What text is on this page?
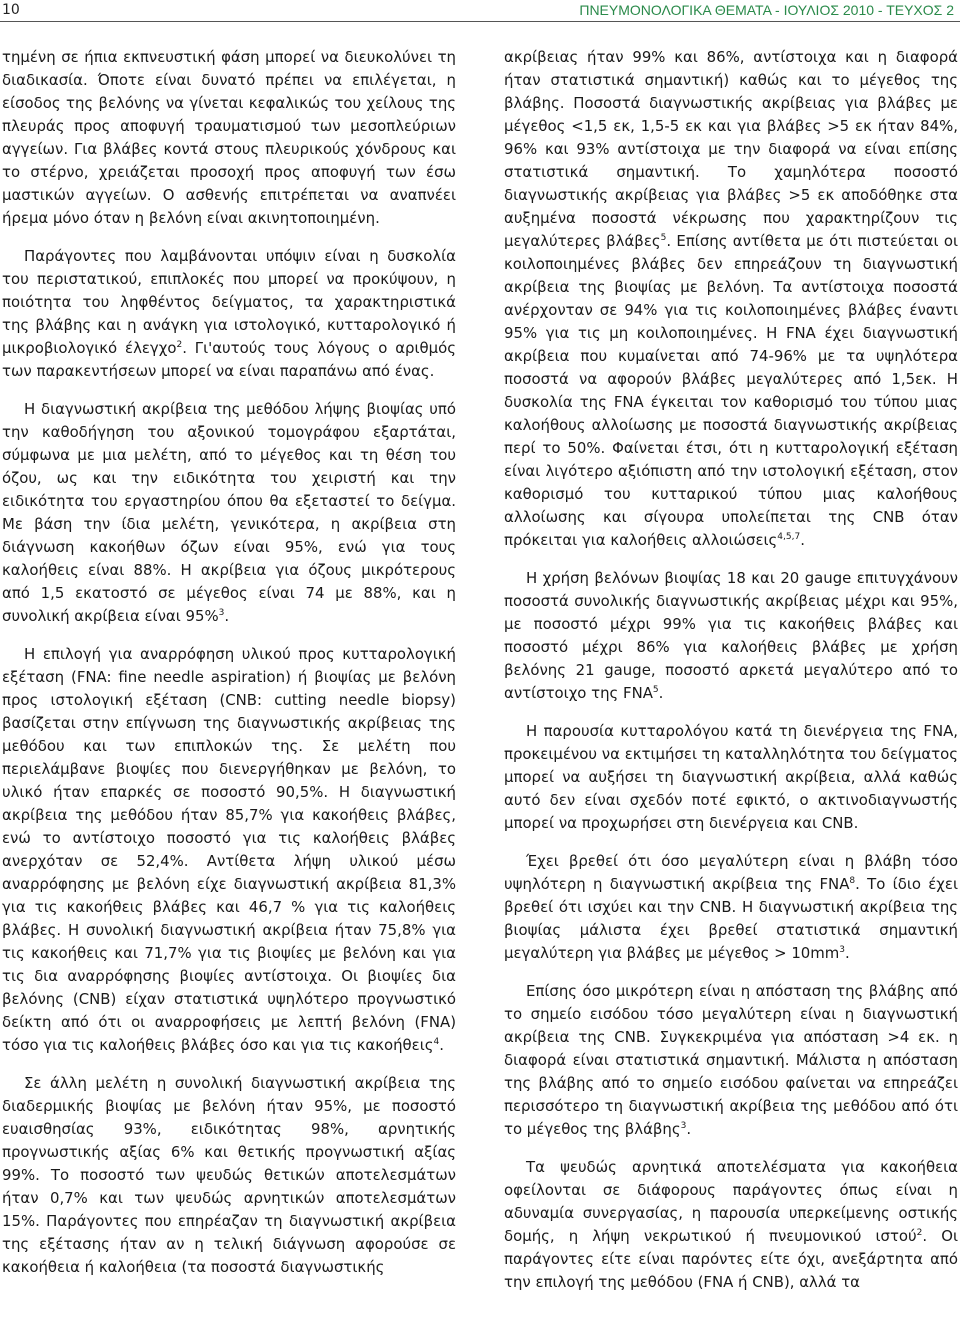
10	ΠΝΕΥΜΟΝΟΛΟΓΙΚΑ ΘΕΜΑΤΑ - ΙΟΥΛΙΟΣ 2010 - ΤΕΥΧΟΣ 2

τημένη σε ήπια εκπνευστική φάση μπορεί να διευκολύνει τη διαδικασία. Όποτε είναι δυνατό πρέπει να επιλέγεται, η είσοδος της βελόνης να γίνεται κεφαλικώς του χείλους της πλευράς προς αποφυγή τραυματισμού των μεσοπλεύριων αγγείων. Για βλάβες κοντά στους πλευρικούς χόνδρους και το στέρνο, χρειάζεται προσοχή προς αποφυγή των έσω μαστικών αγγείων. Ο ασθενής επιτρέπεται να αναπνέει ήρεμα μόνο όταν η βελόνη είναι ακινητοποιημένη.

Παράγοντες που λαμβάνονται υπόψιν είναι η δυσκολία του περιστατικού, επιπλοκές που μπορεί να προκύψουν, η ποιότητα του ληφθέντος δείγματος, τα χαρακτηριστικά της βλάβης και η ανάγκη για ιστολογικό, κυτταρολογικό ή μικροβιολογικό έλεγχο$^2$. Γι'αυτούς τους λόγους ο αριθμός των παρακεντήσεων μπορεί να είναι παραπάνω από ένας.

Η διαγνωστική ακρίβεια της μεθόδου λήψης βιοψίας υπό την καθοδήγηση του αξονικού τομογράφου εξαρτάται, σύμφωνα με μια μελέτη, από το μέγεθος και τη θέση του όζου, ως και την ειδικότητα του χειριστή και την ειδικότητα του εργαστηρίου όπου θα εξεταστεί το δείγμα. Με βάση την ίδια μελέτη, γενικότερα, η ακρίβεια στη διάγνωση κακοήθων όζων είναι 95%, ενώ για τους καλοήθεις είναι 88%. Η ακρίβεια για όζους μικρότερους από 1,5 εκατοστό σε μέγεθος είναι 74 με 88%, και η συνολική ακρίβεια είναι 95%$^3$.

Η επιλογή για αναρρόφηση υλικού προς κυτταρολογική εξέταση (FNA: fine needle aspiration) ή βιοψίας με βελόνη προς ιστολογική εξέταση (CNB: cutting needle biopsy) βασίζεται στην επίγνωση της διαγνωστικής ακρίβειας της μεθόδου και των επιπλοκών της. Σε μελέτη που περιελάμβανε βιοψίες που διενεργήθηκαν με βελόνη, το υλικό ήταν επαρκές σε ποσοστό 90,5%. Η διαγνωστική ακρίβεια της μεθόδου ήταν 85,7% για κακοήθεις βλάβες, ενώ το αντίστοιχο ποσοστό για τις καλοήθεις βλάβες ανερχόταν σε 52,4%. Αντίθετα λήψη υλικού μέσω αναρρόφησης με βελόνη είχε διαγνωστική ακρίβεια 81,3% για τις κακοήθεις βλάβες και 46,7 % για τις καλοήθεις βλάβες. Η συνολική διαγνωστική ακρίβεια ήταν 75,8% για τις κακοήθεις και 71,7% για τις βιοψίες με βελόνη και για τις δια αναρρόφησης βιοψίες αντίστοιχα. Οι βιοψίες δια βελόνης (CNB) είχαν στατιστικά υψηλότερο προγνωστικό δείκτη από ότι οι αναρροφήσεις με λεπτή βελόνη (FNA) τόσο για τις καλοήθεις βλάβες όσο και για τις κακοήθεις$^4$.

Σε άλλη μελέτη η συνολική διαγνωστική ακρίβεια της διαδερμικής βιοψίας με βελόνη ήταν 95%, με ποσοστό ευαισθησίας 93%, ειδικότητας 98%, αρνητικής προγνωστικής αξίας 6% και θετικής προγνωστική αξίας 99%. Το ποσοστό των ψευδώς θετικών αποτελεσμάτων ήταν 0,7% και των ψευδώς αρνητικών αποτελεσμάτων 15%. Παράγοντες που επηρέαζαν τη διαγνωστική ακρίβεια της εξέτασης ήταν αν η τελική διάγνωση αφορούσε σε κακοήθεια ή καλοήθεια (τα ποσοστά διαγνωστικής

ακρίβειας ήταν 99% και 86%, αντίστοιχα και η διαφορά ήταν στατιστικά σημαντική) καθώς και το μέγεθος της βλάβης. Ποσοστά διαγνωστικής ακρίβειας για βλάβες με μέγεθος <1,5 εκ, 1,5-5 εκ και για βλάβες >5 εκ ήταν 84%, 96% και 93% αντίστοιχα με την διαφορά να είναι επίσης στατιστικά σημαντική. Το χαμηλότερα ποσοστό διαγνωστικής ακρίβειας για βλάβες >5 εκ αποδόθηκε στα αυξημένα ποσοστά νέκρωσης που χαρακτηρίζουν τις μεγαλύτερες βλάβες$^5$. Επίσης αντίθετα με ότι πιστεύεται οι κοιλοποιημένες βλάβες δεν επηρεάζουν τη διαγνωστική ακρίβεια της βιοψίας με βελόνη. Τα αντίστοιχα ποσοστά ανέρχονταν σε 94% για τις κοιλοποιημένες βλάβες έναντι 95% για τις μη κοιλοποιημένες. Η FNA έχει διαγνωστική ακρίβεια που κυμαίνεται από 74-96% με τα υψηλότερα ποσοστά να αφορούν βλάβες μεγαλύτερες από 1,5εκ. Η δυσκολία της FNA έγκειται τον καθορισμό του τύπου μιας καλοήθους αλλοίωσης με ποσοστά διαγνωστικής ακρίβειας περί το 50%. Φαίνεται έτσι, ότι η κυτταρολογική εξέταση είναι λιγότερο αξιόπιστη από την ιστολογική εξέταση, στον καθορισμό του κυτταρικού τύπου μιας καλοήθους αλλοίωσης και σίγουρα υπολείπεται της CNB όταν πρόκειται για καλοήθεις αλλοιώσεις$^{4,5,7}$.

Η χρήση βελόνων βιοψίας 18 και 20 gauge επιτυγχάνουν ποσοστά συνολικής διαγνωστικής ακρίβειας μέχρι και 95%, με ποσοστό μέχρι 99% για τις κακοήθεις βλάβες και ποσοστό μέχρι 86% για καλοήθεις βλάβες με χρήση βελόνης 21 gauge, ποσοστό αρκετά μεγαλύτερο από το αντίστοιχο της FNA$^5$.

Η παρουσία κυτταρολόγου κατά τη διενέργεια της FNA, προκειμένου να εκτιμήσει τη καταλληλότητα του δείγματος μπορεί να αυξήσει τη διαγνωστική ακρίβεια, αλλά καθώς αυτό δεν είναι σχεδόν ποτέ εφικτό, ο ακτινοδιαγνωστής μπορεί να προχωρήσει στη διενέργεια και CNB.

Έχει βρεθεί ότι όσο μεγαλύτερη είναι η βλάβη τόσο υψηλότερη η διαγνωστική ακρίβεια της FNA$^8$. Το ίδιο έχει βρεθεί ότι ισχύει και την CNB. Η διαγνωστική ακρίβεια της βιοψίας μάλιστα έχει βρεθεί στατιστικά σημαντική μεγαλύτερη για βλάβες με $\mu έ\gamma\varepsilon\theta o\varsigma > 10mm^3$.

Επίσης όσο μικρότερη είναι η απόσταση της βλάβης από το σημείο εισόδου τόσο μεγαλύτερη είναι η διαγνωστική ακρίβεια της CNB. Συγκεκριμένα για απόσταση >4 εκ. η διαφορά είναι στατιστικά σημαντική. Μάλιστα η απόσταση της βλάβης από το σημείο εισόδου φαίνεται να επηρεάζει περισσότερο τη διαγνωστική ακρίβεια της μεθόδου από ότι το μέγεθος της βλάβης$^3$.

Τα ψευδώς αρνητικά αποτελέσματα για κακοήθεια οφείλονται σε διάφορους παράγοντες όπως είναι η αδυναμία συνεργασίας, η παρουσία υπερκείμενης οστικής δομής, η λήψη νεκρωτικού ή πνευμονικού ιστού$^2$. Οι παράγοντες είτε είναι παρόντες είτε όχι, ανεξάρτητα από την επιλογή της μεθόδου (FNA ή CNB), αλλά τα
